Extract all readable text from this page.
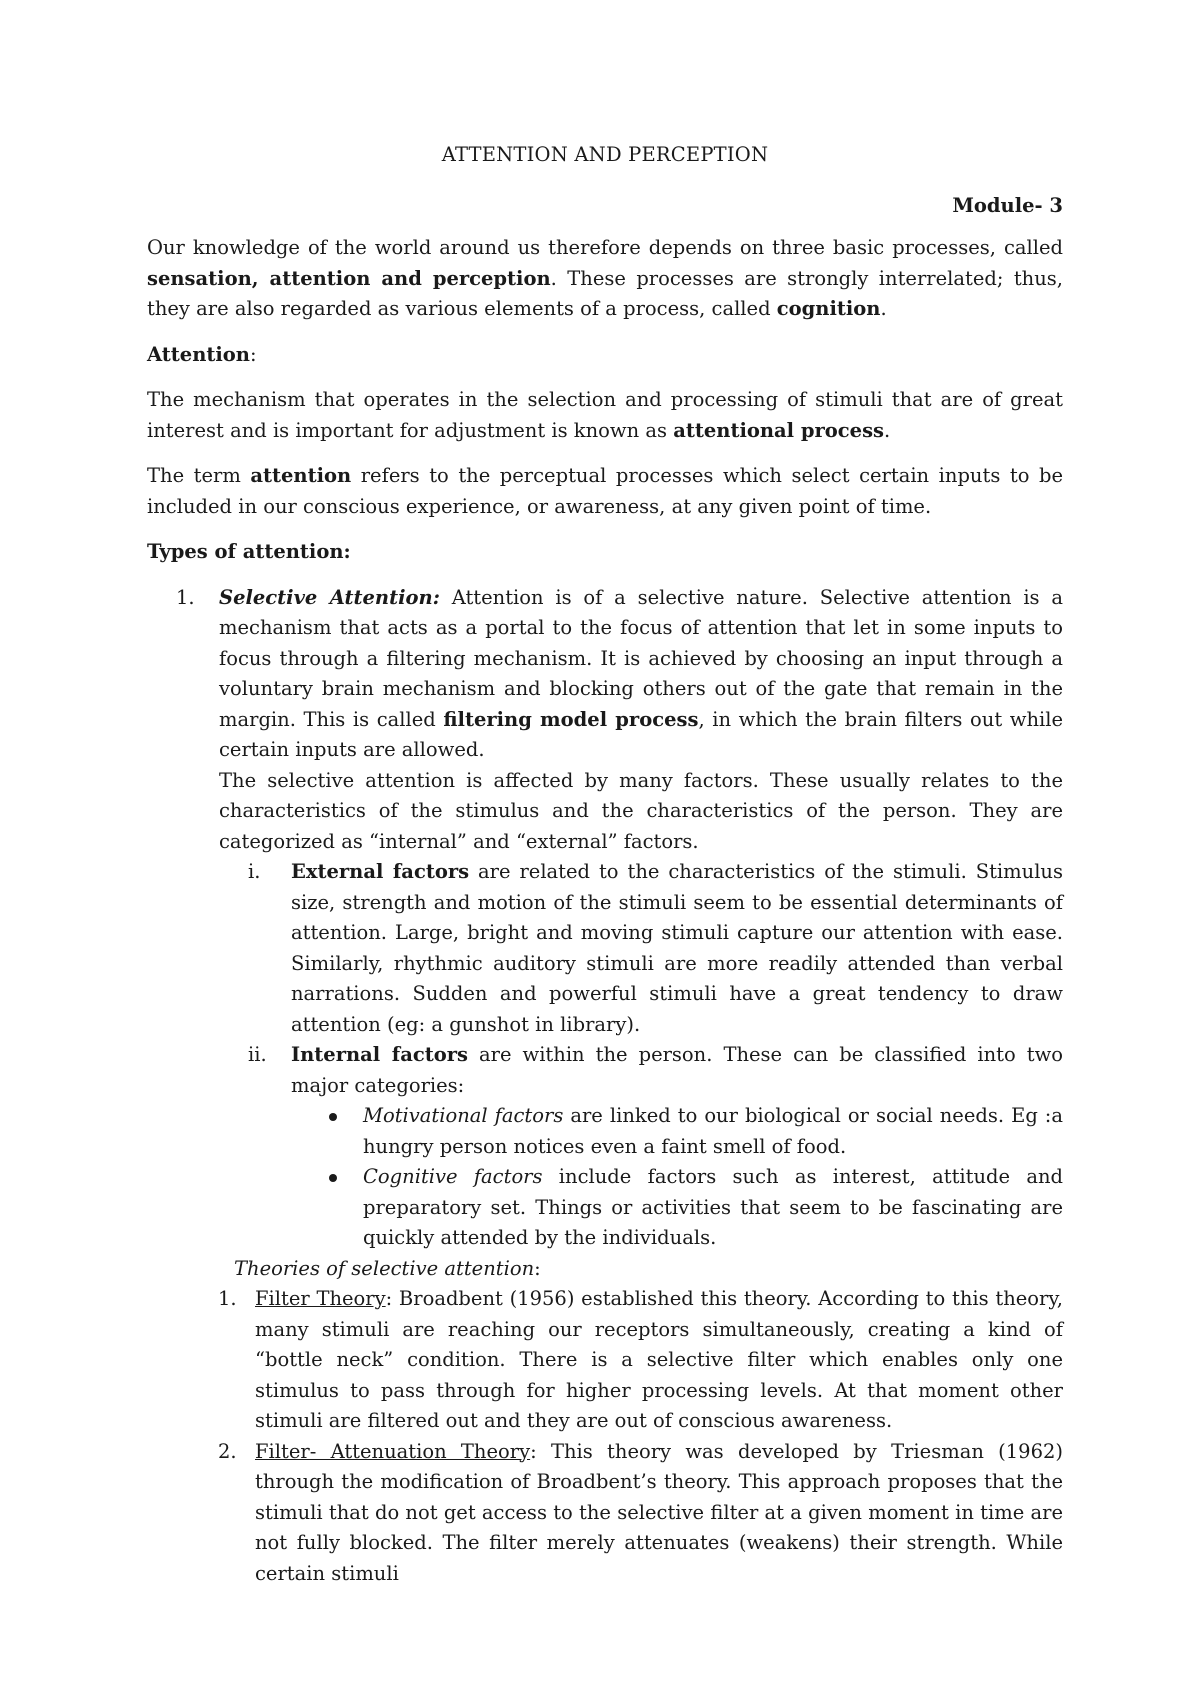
ATTENTION AND PERCEPTION
Module- 3

Our knowledge of the world around us therefore depends on three basic processes, called sensation, attention and perception. These processes are strongly interrelated; thus, they are also regarded as various elements of a process, called cognition.

Attention:

The mechanism that operates in the selection and processing of stimuli that are of great interest and is important for adjustment is known as attentional process.

The term attention refers to the perceptual processes which select certain inputs to be included in our conscious experience, or awareness, at any given point of time.

Types of attention:

1. Selective Attention: Attention is of a selective nature. Selective attention is a mechanism that acts as a portal to the focus of attention that let in some inputs to focus through a filtering mechanism. It is achieved by choosing an input through a voluntary brain mechanism and blocking others out of the gate that remain in the margin. This is called filtering model process, in which the brain filters out while certain inputs are allowed.
The selective attention is affected by many factors. These usually relates to the characteristics of the stimulus and the characteristics of the person. They are categorized as “internal” and “external” factors.
i. External factors are related to the characteristics of the stimuli. Stimulus size, strength and motion of the stimuli seem to be essential determinants of attention. Large, bright and moving stimuli capture our attention with ease. Similarly, rhythmic auditory stimuli are more readily attended than verbal narrations. Sudden and powerful stimuli have a great tendency to draw attention (eg: a gunshot in library).
ii. Internal factors are within the person. These can be classified into two major categories:
Motivational factors are linked to our biological or social needs. Eg :a hungry person notices even a faint smell of food.
Cognitive factors include factors such as interest, attitude and preparatory set. Things or activities that seem to be fascinating are quickly attended by the individuals.
Theories of selective attention:
1. Filter Theory: Broadbent (1956) established this theory. According to this theory, many stimuli are reaching our receptors simultaneously, creating a kind of “bottle neck” condition. There is a selective filter which enables only one stimulus to pass through for higher processing levels. At that moment other stimuli are filtered out and they are out of conscious awareness.
2. Filter- Attenuation Theory: This theory was developed by Triesman (1962) through the modification of Broadbent’s theory. This approach proposes that the stimuli that do not get access to the selective filter at a given moment in time are not fully blocked. The filter merely attenuates (weakens) their strength. While certain stimuli
